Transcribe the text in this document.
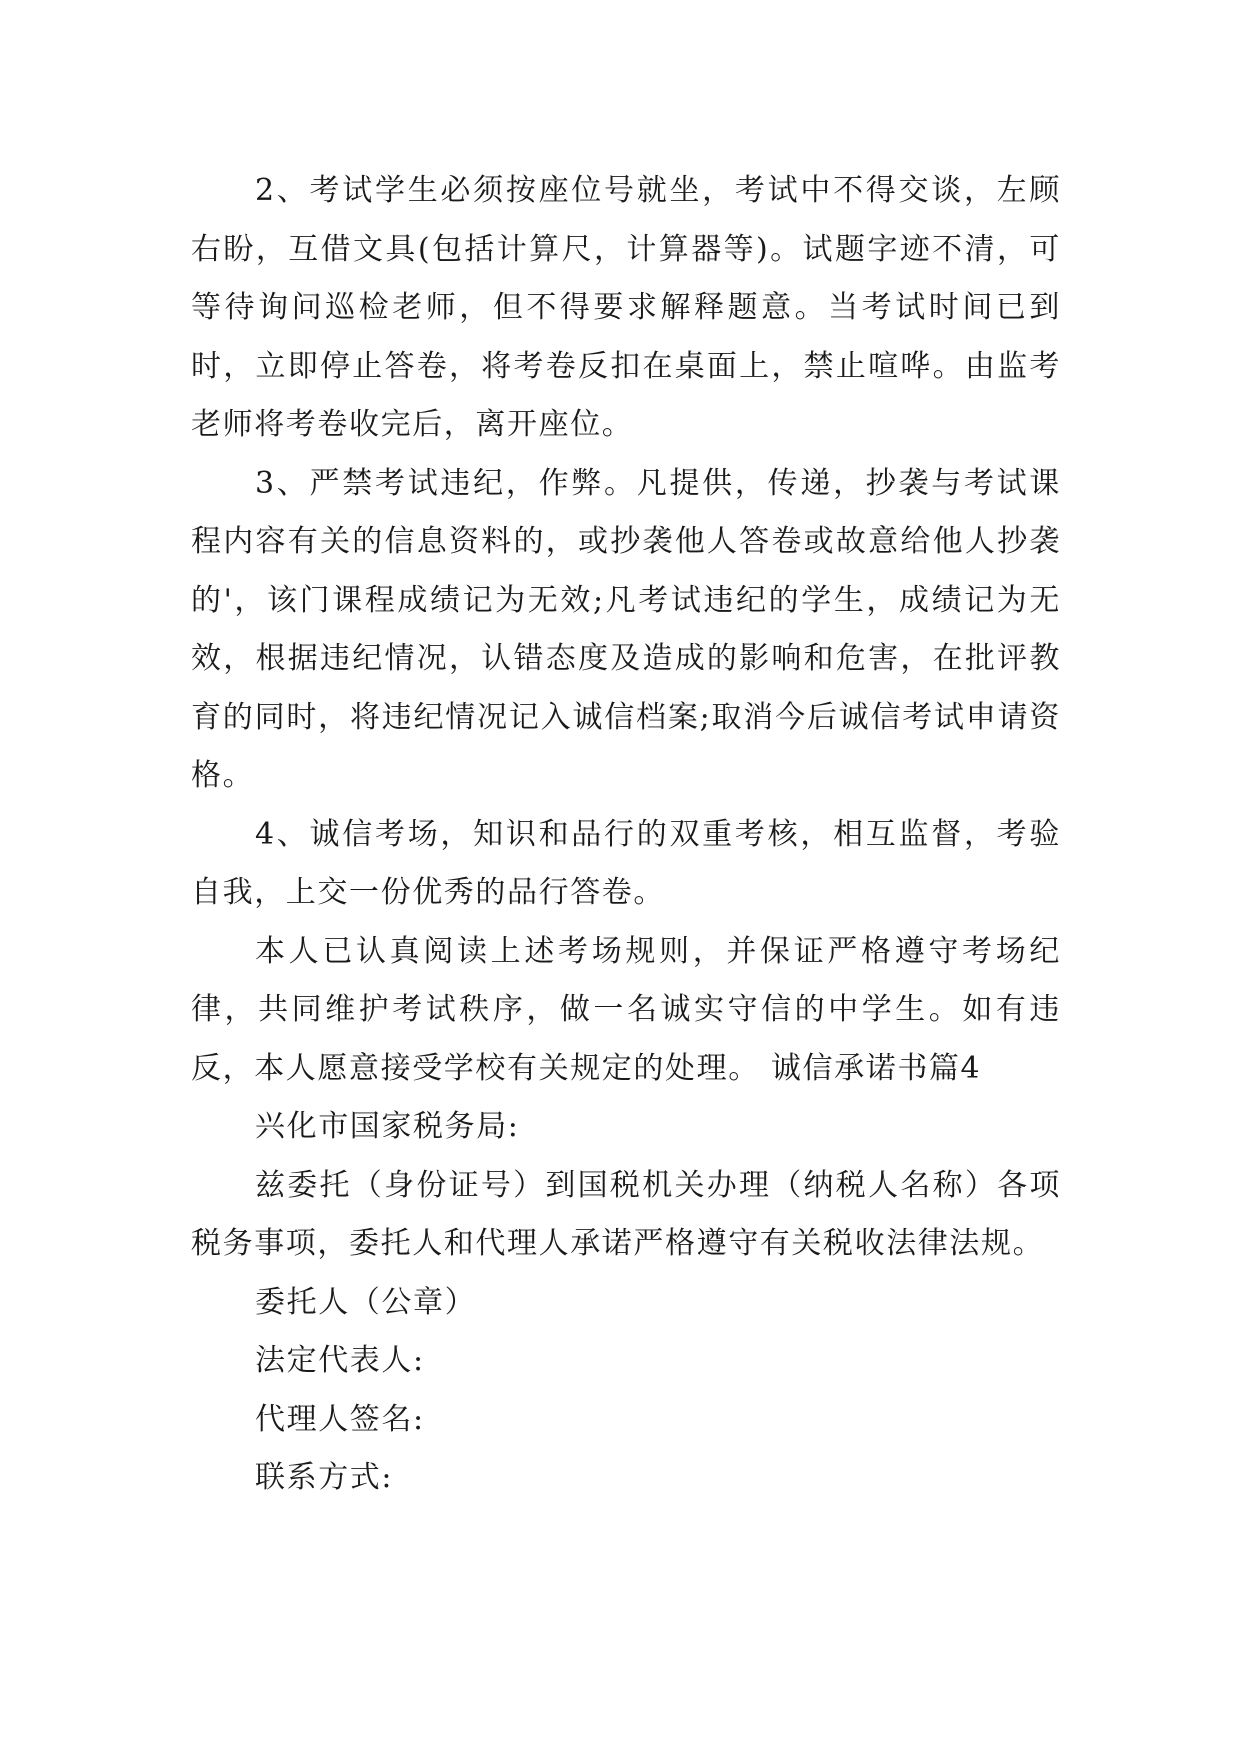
2、考试学生必须按座位号就坐，考试中不得交谈，左顾右盼，互借文具(包括计算尺，计算器等)。试题字迹不清，可等待询问巡检老师，但不得要求解释题意。当考试时间已到时，立即停止答卷，将考卷反扣在桌面上，禁止喧哗。由监考老师将考卷收完后，离开座位。

3、严禁考试违纪，作弊。凡提供，传递，抄袭与考试课程内容有关的信息资料的，或抄袭他人答卷或故意给他人抄袭的'，该门课程成绩记为无效;凡考试违纪的学生，成绩记为无效，根据违纪情况，认错态度及造成的影响和危害，在批评教育的同时，将违纪情况记入诚信档案;取消今后诚信考试申请资格。

4、诚信考场，知识和品行的双重考核，相互监督，考验自我，上交一份优秀的品行答卷。

本人已认真阅读上述考场规则，并保证严格遵守考场纪律，共同维护考试秩序，做一名诚实守信的中学生。如有违反，本人愿意接受学校有关规定的处理。 诚信承诺书篇4

兴化市国家税务局:

兹委托（身份证号）到国税机关办理（纳税人名称）各项税务事项，委托人和代理人承诺严格遵守有关税收法律法规。

委托人（公章）

法定代表人:

代理人签名:

联系方式:
